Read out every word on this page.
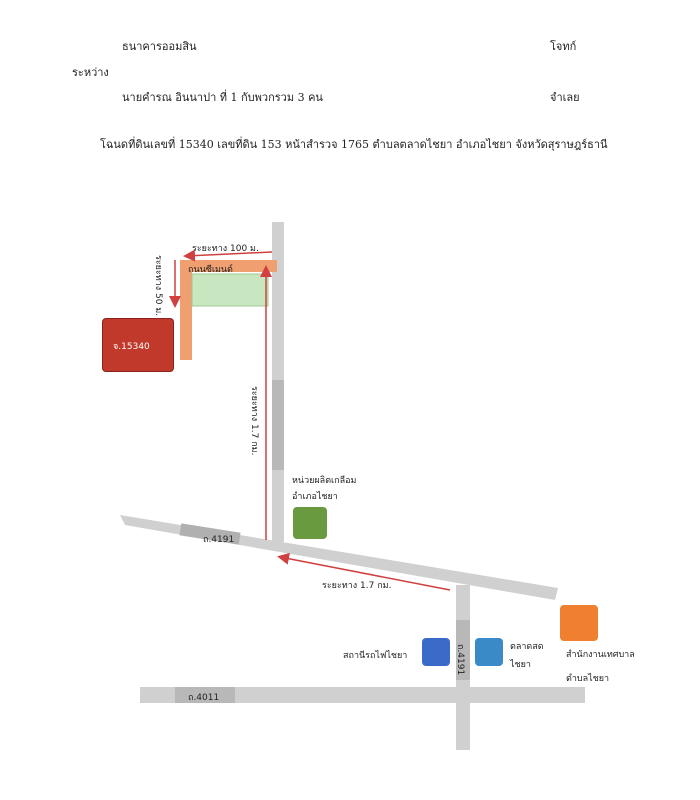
ธนาคารออมสิน	โจทก์
ระหว่าง
นายคำรณ อินนาปา ที่ 1 กับพวกรวม 3 คน	จำเลย
โฉนดที่ดินเลขที่ 15340 เลขที่ดิน 153 หน้าสำรวจ 1765 ตำบลตลาดไชยา อำเภอไชยา จังหวัดสุราษฎร์ธานี
ระยะทาง 100 ม.
ระยะทาง 50 ม.	ถนนซีเมนต์
ระยะทาง 1.7 กม.
ระยะทาง 1.7 กม.
ถ.4191
ถ.4191
ถ.4011
จ.15340
หน่วยผลิตเกลือม
อำเภอไชยา
สำนักงานเทศบาล
ตำบลไชยา
สถานีรถไฟไชยา
ตลาดสด
ไชยา
